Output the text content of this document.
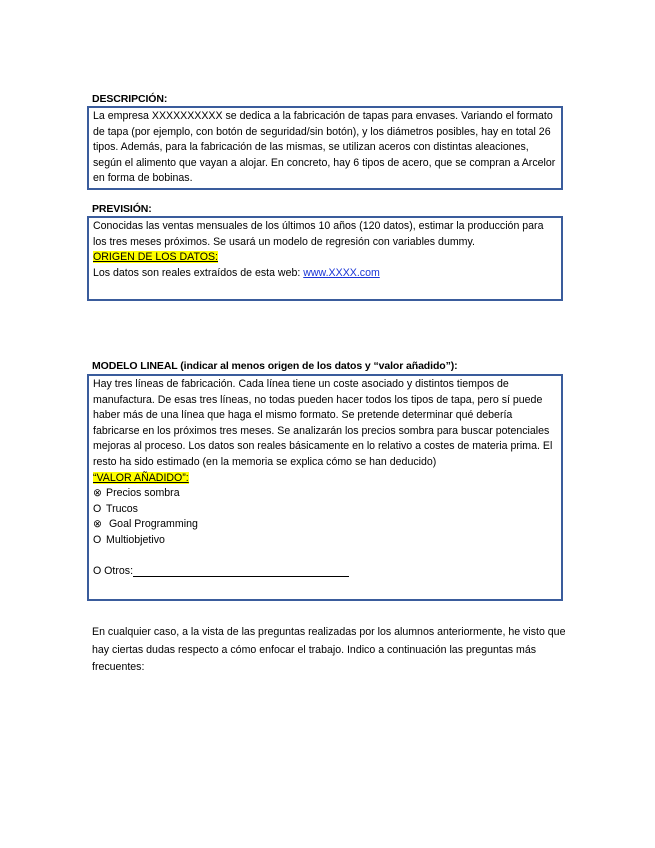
DESCRIPCIÓN:

La empresa XXXXXXXXXX se dedica a la fabricación de tapas para envases. Variando el formato de tapa (por ejemplo, con botón de seguridad/sin botón), y los diámetros posibles, hay en total 26 tipos. Además, para la fabricación de las mismas, se utilizan aceros con distintas aleaciones, según el alimento que vayan a alojar. En concreto, hay 6 tipos de acero, que se compran a Arcelor en forma de bobinas.

PREVISIÓN:

Conocidas las ventas mensuales de los últimos 10 años (120 datos), estimar la producción para los tres meses próximos. Se usará un modelo de regresión con variables dummy.

ORIGEN DE LOS DATOS:

Los datos son reales extraídos de esta web: www.XXXX.com

MODELO LINEAL (indicar al menos origen de los datos y “valor añadido”):

Hay tres líneas de fabricación. Cada línea tiene un coste asociado y distintos tiempos de manufactura. De esas tres líneas, no todas pueden hacer todos los tipos de tapa, pero sí puede haber más de una línea que haga el mismo formato. Se pretende determinar qué debería fabricarse en los próximos tres meses. Se analizarán los precios sombra para buscar potenciales mejoras al proceso. Los datos son reales básicamente en lo relativo a costes de materia prima. El resto ha sido estimado (en la memoria se explica cómo se han deducido)

“VALOR AÑADIDO”:

⊗ Precios sombra
O Trucos
⊗ Goal Programming
O Multiobjetivo
O Otros:
En cualquier caso, a la vista de las preguntas realizadas por los alumnos anteriormente, he visto que hay ciertas dudas respecto a cómo enfocar el trabajo. Indico a continuación las preguntas más frecuentes:
